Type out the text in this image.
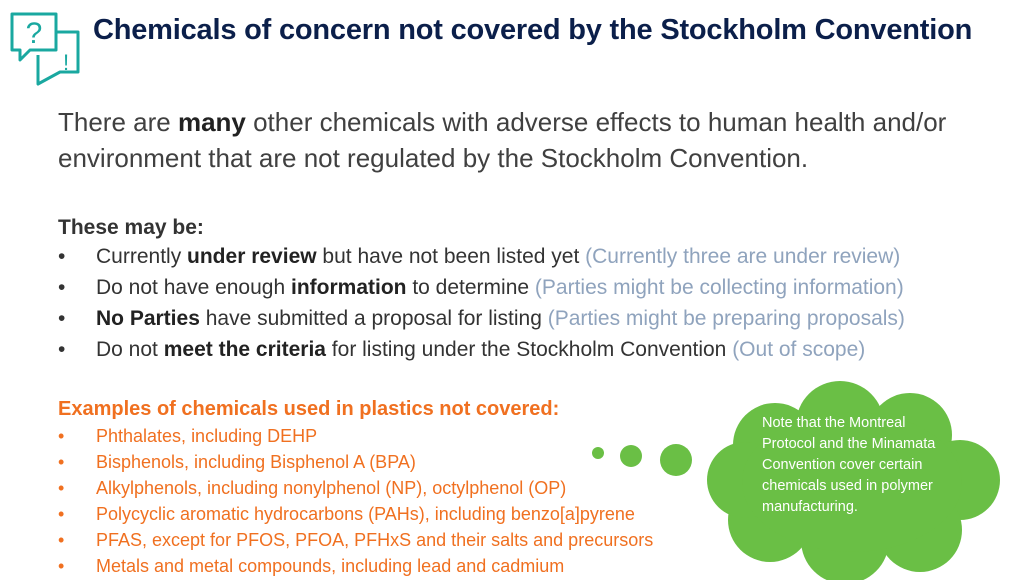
?
!
Chemicals of concern not covered by the Stockholm Convention
There are many other chemicals with adverse effects to human health and/or environment that are not regulated by the Stockholm Convention.
These may be:
• Currently under review but have not been listed yet (Currently three are under review)
• Do not have enough information to determine (Parties might be collecting information)
• No Parties have submitted a proposal for listing (Parties might be preparing proposals)
• Do not meet the criteria for listing under the Stockholm Convention (Out of scope)
Examples of chemicals used in plastics not covered:
• Phthalates, including DEHP
• Bisphenols, including Bisphenol A (BPA)
• Alkylphenols, including nonylphenol (NP), octylphenol (OP)
• Polycyclic aromatic hydrocarbons (PAHs), including benzo[a]pyrene
• PFAS, except for PFOS, PFOA, PFHxS and their salts and precursors
• Metals and metal compounds, including lead and cadmium
Note that the Montreal Protocol and the Minamata Convention cover certain chemicals used in polymer manufacturing.
